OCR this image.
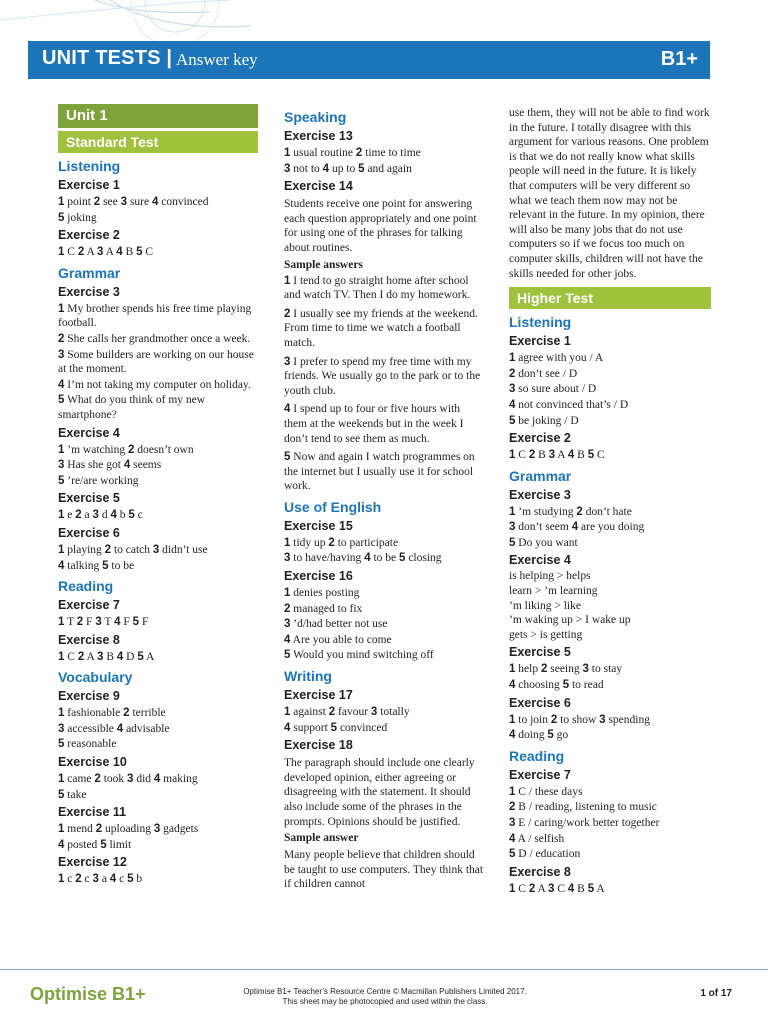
UNIT TESTS | Answer key	B1+
Unit 1
Standard Test
Listening
Exercise 1
1 point 2 see 3 sure 4 convinced
5 joking
Exercise 2
1 C 2 A 3 A 4 B 5 C
Grammar
Exercise 3
1 My brother spends his free time playing football.
2 She calls her grandmother once a week.
3 Some builders are working on our house at the moment.
4 I’m not taking my computer on holiday.
5 What do you think of my new smartphone?
Exercise 4
1 ’m watching 2 doesn’t own
3 Has she got 4 seems
5 ’re/are working
Exercise 5
1 e 2 a 3 d 4 b 5 c
Exercise 6
1 playing 2 to catch 3 didn’t use
4 talking 5 to be
Reading
Exercise 7
1 T 2 F 3 T 4 F 5 F
Exercise 8
1 C 2 A 3 B 4 D 5 A
Vocabulary
Exercise 9
1 fashionable 2 terrible
3 accessible 4 advisable
5 reasonable
Exercise 10
1 came 2 took 3 did 4 making
5 take
Exercise 11
1 mend 2 uploading 3 gadgets
4 posted 5 limit
Exercise 12
1 c 2 c 3 a 4 c 5 b
Speaking
Exercise 13
1 usual routine 2 time to time
3 not to 4 up to 5 and again
Exercise 14
Students receive one point for answering each question appropriately and one point for using one of the phrases for talking about routines.
Sample answers
1 I tend to go straight home after school and watch TV. Then I do my homework.
2 I usually see my friends at the weekend. From time to time we watch a football match.
3 I prefer to spend my free time with my friends. We usually go to the park or to the youth club.
4 I spend up to four or five hours with them at the weekends but in the week I don’t tend to see them as much.
5 Now and again I watch programmes on the internet but I usually use it for school work.
Use of English
Exercise 15
1 tidy up 2 to participate
3 to have/having 4 to be 5 closing
Exercise 16
1 denies posting
2 managed to fix
3 ’d/had better not use
4 Are you able to come
5 Would you mind switching off
Writing
Exercise 17
1 against 2 favour 3 totally
4 support 5 convinced
Exercise 18
The paragraph should include one clearly developed opinion, either agreeing or disagreeing with the statement. It should also include some of the phrases in the prompts. Opinions should be justified.
Sample answer
Many people believe that children should be taught to use computers. They think that if children cannot
use them, they will not be able to find work in the future. I totally disagree with this argument for various reasons. One problem is that we do not really know what skills people will need in the future. It is likely that computers will be very different so what we teach them now may not be relevant in the future. In my opinion, there will also be many jobs that do not use computers so if we focus too much on computer skills, children will not have the skills needed for other jobs.
Higher Test
Listening
Exercise 1
1 agree with you / A
2 don’t see / D
3 so sure about / D
4 not convinced that’s / D
5 be joking / D
Exercise 2
1 C 2 B 3 A 4 B 5 C
Grammar
Exercise 3
1 ’m studying 2 don’t hate
3 don’t seem 4 are you doing
5 Do you want
Exercise 4
is helping > helps
learn > ’m learning
’m liking > like
’m waking up > I wake up
gets > is getting
Exercise 5
1 help 2 seeing 3 to stay
4 choosing 5 to read
Exercise 6
1 to join 2 to show 3 spending
4 doing 5 go
Reading
Exercise 7
1 C / these days
2 B / reading, listening to music
3 E / caring/work better together
4 A / selfish
5 D / education
Exercise 8
1 C 2 A 3 C 4 B 5 A
Optimise B1+	Optimise B1+ Teacher’s Resource Centre © Macmillan Publishers Limited 2017.
This sheet may be photocopied and used within the class.
1 of 17
